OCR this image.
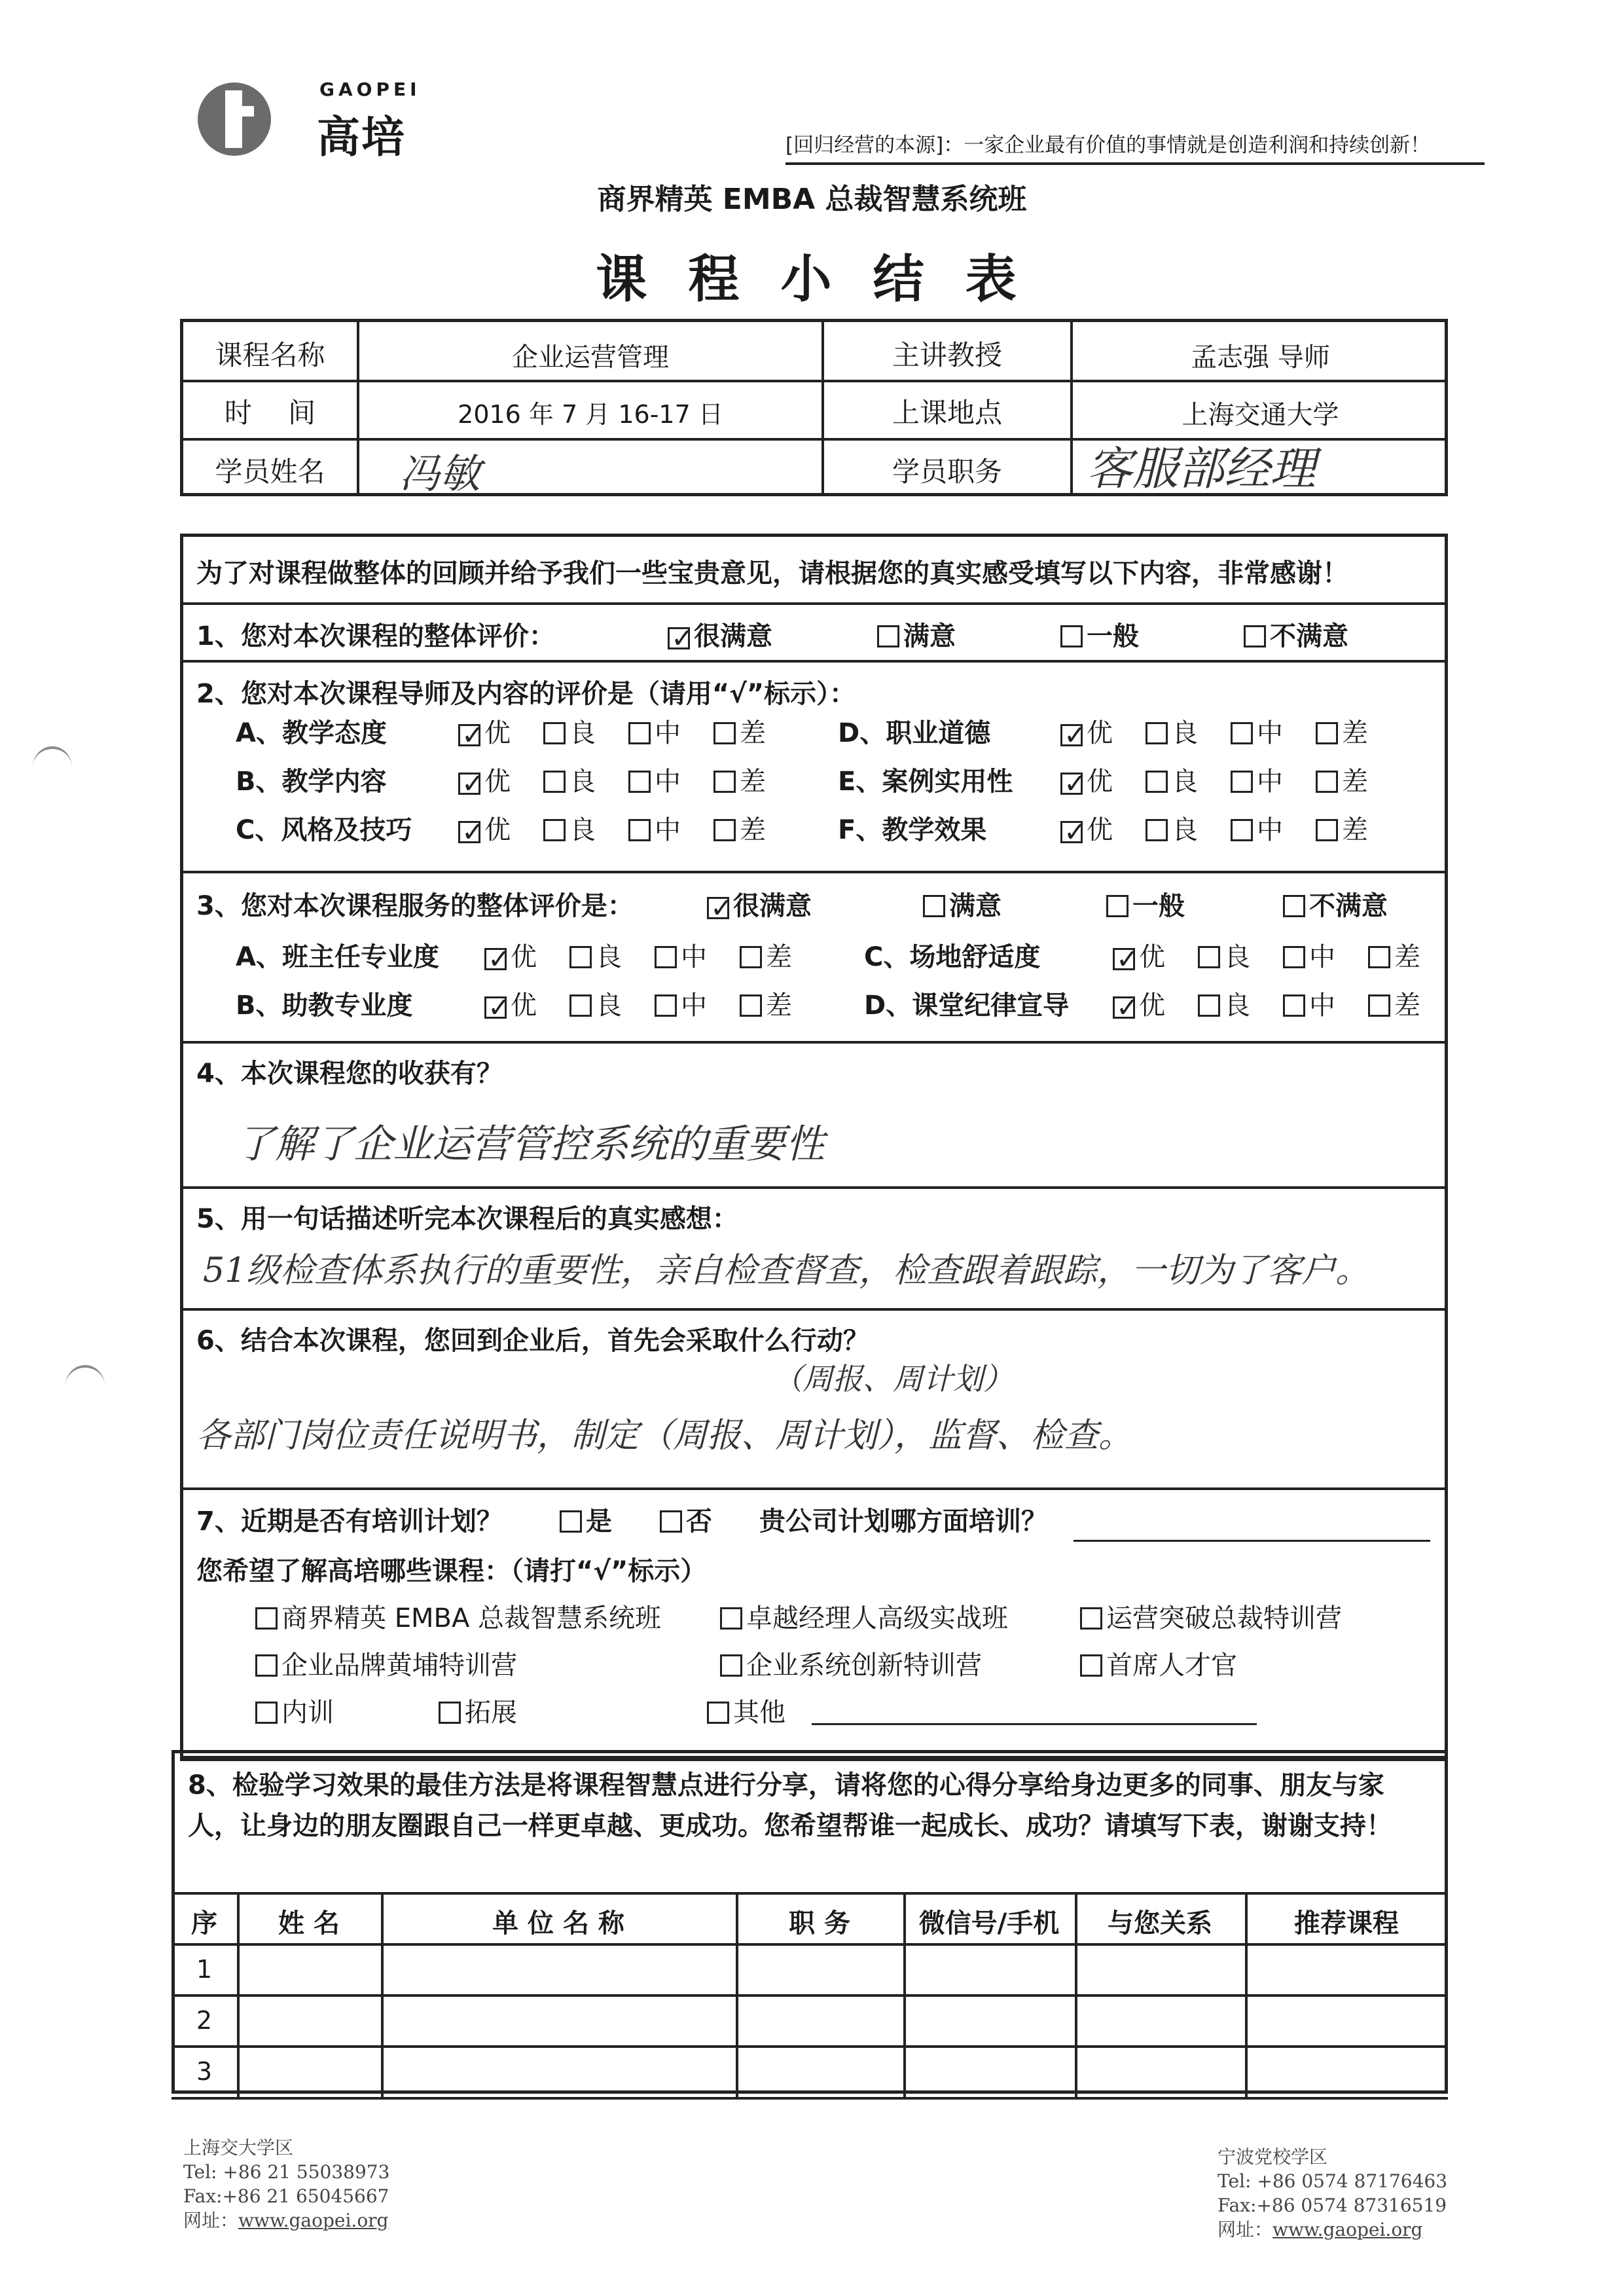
GAOPEI
高培	[回归经营的本源]：一家企业最有价值的事情就是创造利润和持续创新！
商界精英 EMBA 总裁智慧系统班
课 程 小 结 表
课程名称	企业运营管理	主讲教授	孟志强 导师
时　 间	2016 年 7 月 16-17 日	上课地点	上海交通大学
学员姓名	冯敏	学员职务	客服部经理
为了对课程做整体的回顾并给予我们一些宝贵意见，请根据您的真实感受填写以下内容，非常感谢！
1、您对本次课程的整体评价： ✓	很满意	满意	一般	不满意
2、您对本次课程导师及内容的评价是（请用“√”标示）：
A、教学态度 ✓	优	良	中	差
B、教学内容 ✓	优	良	中	差
C、风格及技巧 ✓	优	良	中	差
D、职业道德 ✓	优	良	中	差
E、案例实用性 ✓	优	良	中	差
F、教学效果 ✓	优	良	中	差
3、您对本次课程服务的整体评价是： ✓	很满意	满意	一般	不满意
A、班主任专业度 ✓	优	良	中	差
B、助教专业度 ✓	优	良	中	差
C、场地舒适度 ✓	优	良	中	差
D、课堂纪律宣导 ✓	优	良	中	差
4、本次课程您的收获有？
了解了企业运营管控系统的重要性
5、用一句话描述听完本次课程后的真实感想：
51级检查体系执行的重要性，亲自检查督查，检查跟着跟踪，一切为了客户。
6、结合本次课程，您回到企业后，首先会采取什么行动？
（周报、周计划）
各部门岗位责任说明书，制定（周报、周计划），监督、检查。
7、近期是否有培训计划？	是	否 贵公司计划哪方面培训？
您希望了解高培哪些课程：（请打“√”标示）
商界精英 EMBA 总裁智慧系统班	卓越经理人高级实战班	运营突破总裁特训营
企业品牌黄埔特训营	企业系统创新特训营	首席人才官
内训	拓展	其他
8、检验学习效果的最佳方法是将课程智慧点进行分享，请将您的心得分享给身边更多的同事、朋友与家人，让身边的朋友圈跟自己一样更卓越、更成功。您希望帮谁一起成长、成功？请填写下表，谢谢支持！
序	姓 名	单 位 名 称	职 务	微信号/手机	与您关系	推荐课程
1
2
3
上海交大学区
Tel: +86 21 55038973
Fax:+86 21 65045667
网址：www.gaopei.org
宁波党校学区
Tel: +86 0574 87176463
Fax:+86 0574 87316519
网址：www.gaopei.org
